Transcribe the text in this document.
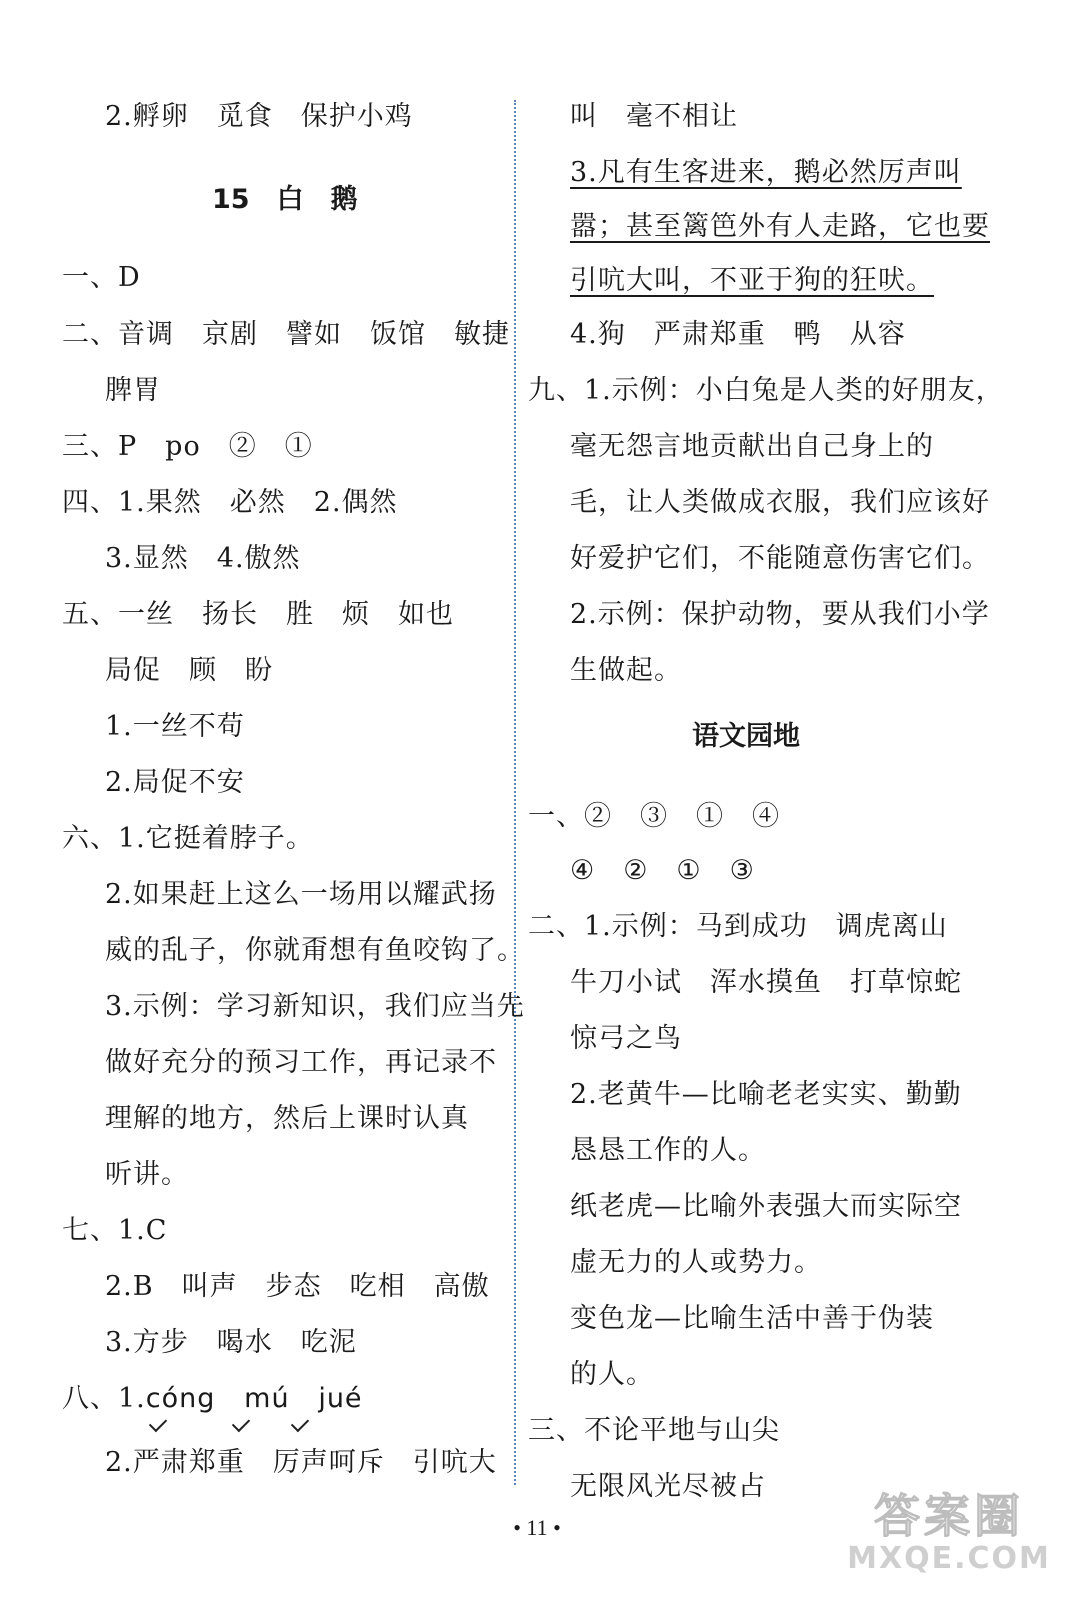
2.孵卵　觅食　保护小鸡
15　白　鹅
一、D
二、音调　京剧　譬如　饭馆　敏捷
脾胃
三、P　po　②　①
四、1.果然　必然　2.偶然
3.显然　4.傲然
五、一丝　扬长　胜　烦　如也
局促　顾　盼
1.一丝不苟
2.局促不安
六、1.它挺着脖子。
2.如果赶上这么一场用以耀武扬
威的乱子，你就甭想有鱼咬钩了。
3.示例：学习新知识，我们应当先
做好充分的预习工作，再记录不
理解的地方，然后上课时认真
听讲。
七、1.C
2.B　叫声　步态　吃相　高傲
3.方步　喝水　吃泥
八、1.cóng mú jué
2.严肃郑重　厉声呵斥　引吭大
叫　毫不相让
3.凡有生客进来，鹅必然厉声叫
嚣；甚至篱笆外有人走路，它也要
引吭大叫，不亚于狗的狂吠。
4.狗　严肃郑重　鸭　从容
九、1.示例：小白兔是人类的好朋友，
毫无怨言地贡献出自己身上的
毛，让人类做成衣服，我们应该好
好爱护它们，不能随意伤害它们。
2.示例：保护动物，要从我们小学
生做起。
语文园地
一、②　③　①　④
④　②　①　③
二、1.示例：马到成功　调虎离山
牛刀小试　浑水摸鱼　打草惊蛇
惊弓之鸟
2.老黄牛—比喻老老实实、勤勤
恳恳工作的人。
纸老虎—比喻外表强大而实际空
虚无力的人或势力。
变色龙—比喻生活中善于伪装
的人。
三、不论平地与山尖
无限风光尽被占
• 11 •	答案圈
MXQE.COM
